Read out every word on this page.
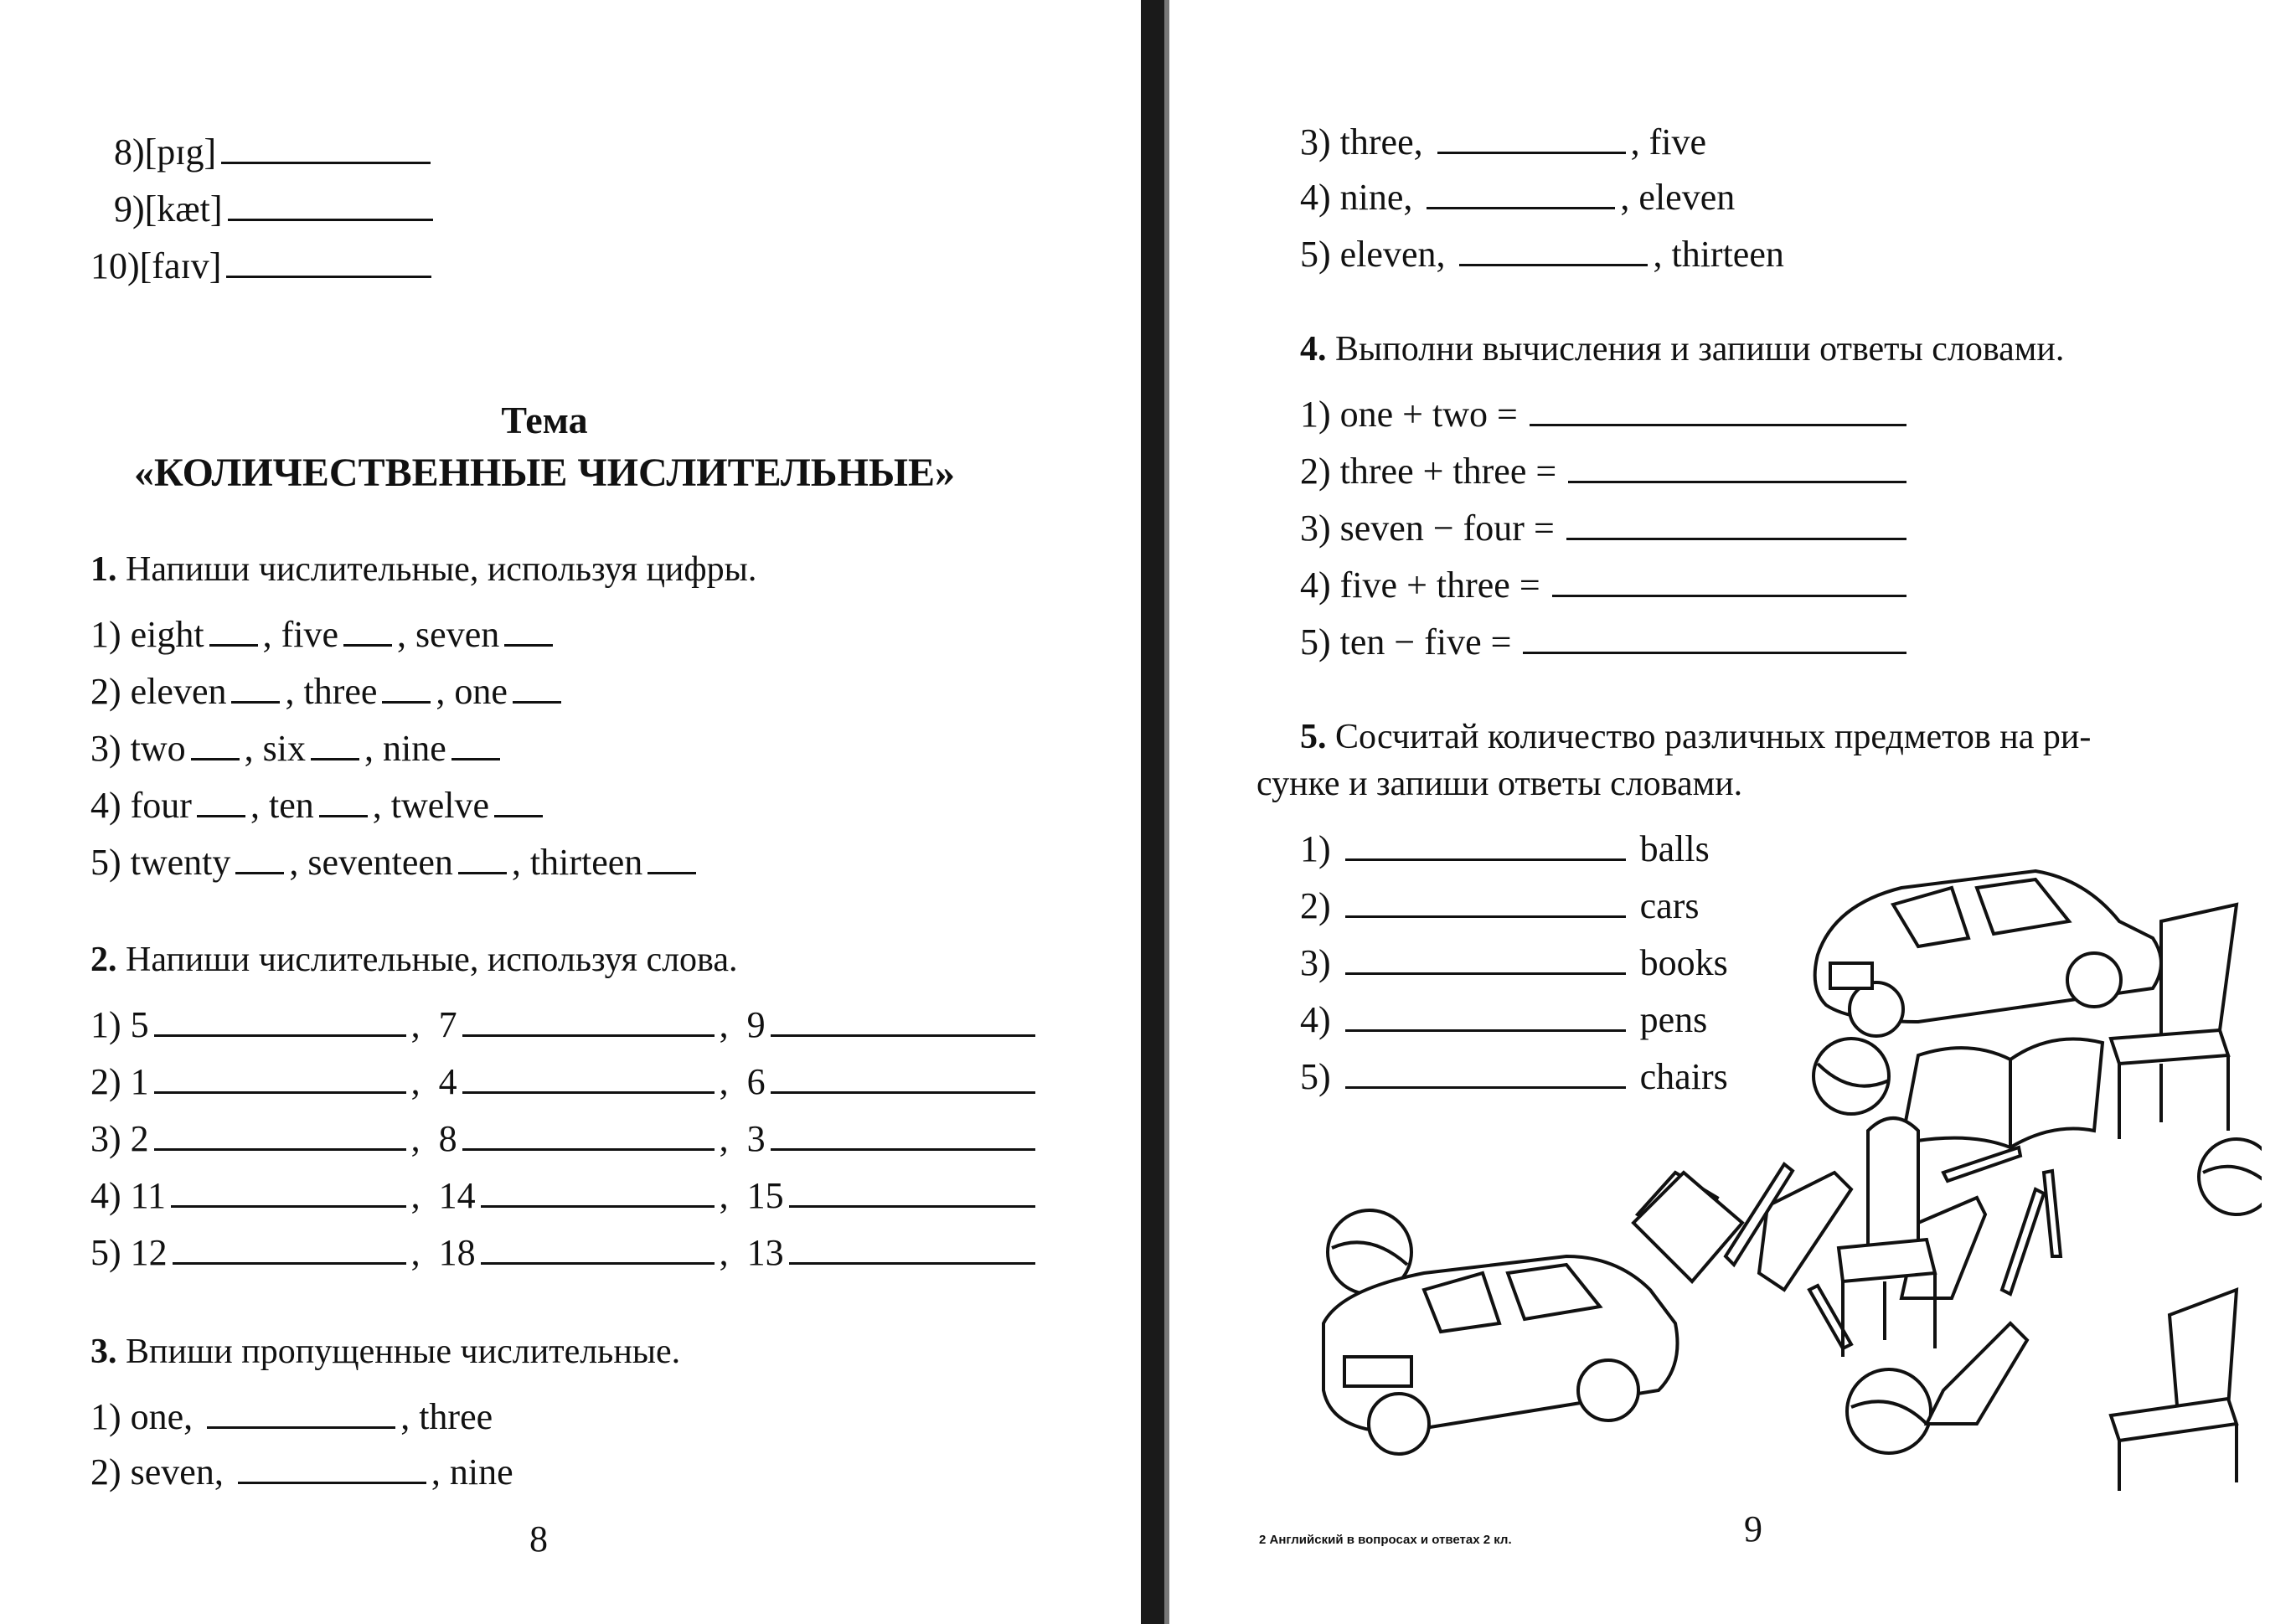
8) [pɪg]
9) [kæt]
10) [faɪv]
Тема
«КОЛИЧЕСТВЕННЫЕ ЧИСЛИТЕЛЬНЫЕ»
1. Напиши числительные, используя цифры.
1)
eight , five , seven
2)
eleven , three , one
3)
two , six , nine
4)
four , ten , twelve
5)
twenty , seventeen , thirteen
2. Напиши числительные, используя слова.
1)
5	, 7	, 9
2)
1	, 4	, 6
3)
2	, 8	, 3
4)
11	, 14	, 15
5)
12	, 18	, 13
3. Впиши пропущенные числительные.
1)
one,
	, three
2)
seven,
	, nine
8
3)
three,
	, five
4)
nine,
	, eleven
5)
eleven,
	, thirteen
4. Выполни вычисления и запиши ответы словами.
1)
one + two =
2)
three + three =
3)
seven − four =
4)
five + three =
5)
ten − five =
5. Сосчитай количество различных предметов на ри-
сунке и запиши ответы словами.
1)

	balls
2)

	cars
3)

	books
4)

	pens
5)

	chairs
2 Английский в вопросах и ответах 2 кл.	9
